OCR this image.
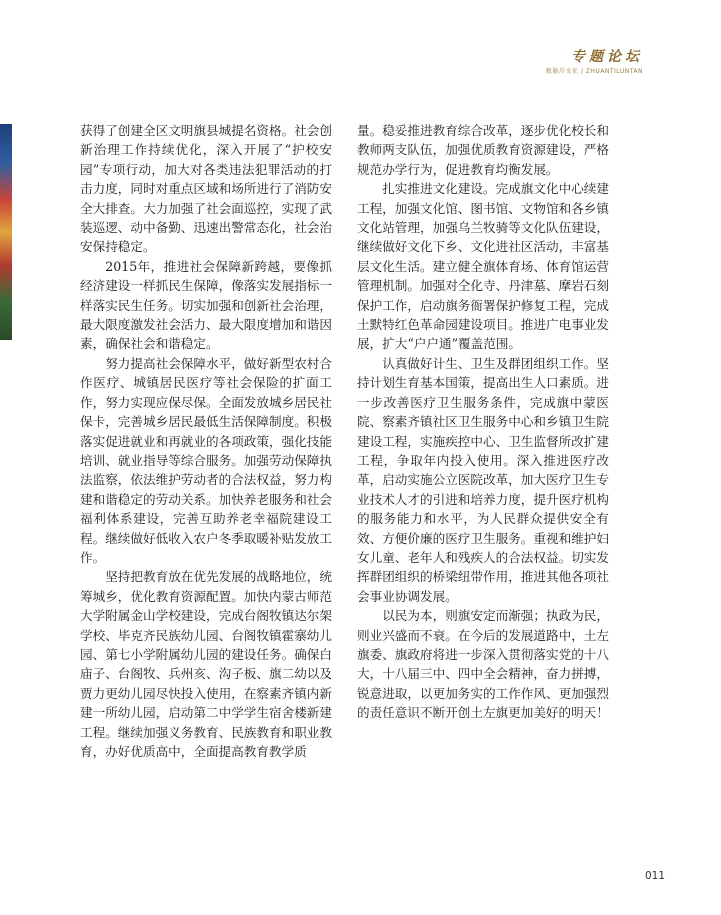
专题论坛
敕勒川文化 / ZHUANTILUNTAN

获得了创建全区文明旗县城提名资格。社会创新治理工作持续优化，深入开展了“护校安园”专项行动，加大对各类违法犯罪活动的打击力度，同时对重点区域和场所进行了消防安全大排查。大力加强了社会面巡控，实现了武装巡逻、动中备勤、迅速出警常态化，社会治安保持稳定。

2015年，推进社会保障新跨越，要像抓经济建设一样抓民生保障，像落实发展指标一样落实民生任务。切实加强和创新社会治理，最大限度激发社会活力、最大限度增加和谐因素，确保社会和谐稳定。

努力提高社会保障水平，做好新型农村合作医疗、城镇居民医疗等社会保险的扩面工作，努力实现应保尽保。全面发放城乡居民社保卡，完善城乡居民最低生活保障制度。积极落实促进就业和再就业的各项政策，强化技能培训、就业指导等综合服务。加强劳动保障执法监察，依法维护劳动者的合法权益，努力构建和谐稳定的劳动关系。加快养老服务和社会福利体系建设，完善互助养老幸福院建设工程。继续做好低收入农户冬季取暖补贴发放工作。

坚持把教育放在优先发展的战略地位，统筹城乡，优化教育资源配置。加快内蒙古师范大学附属金山学校建设，完成台阁牧镇达尔架学校、毕克齐民族幼儿园、台阁牧镇霍寨幼儿园、第七小学附属幼儿园的建设任务。确保白庙子、台阁牧、兵州亥、沟子板、旗二幼以及贾力更幼儿园尽快投入使用，在察素齐镇内新建一所幼儿园，启动第二中学学生宿舍楼新建工程。继续加强义务教育、民族教育和职业教育，办好优质高中，全面提高教育教学质

量。稳妥推进教育综合改革，逐步优化校长和教师两支队伍，加强优质教育资源建设，严格规范办学行为，促进教育均衡发展。

扎实推进文化建设。完成旗文化中心续建工程，加强文化馆、图书馆、文物馆和各乡镇文化站管理，加强乌兰牧骑等文化队伍建设，继续做好文化下乡、文化进社区活动，丰富基层文化生活。建立健全旗体育场、体育馆运营管理机制。加强对仝化寺、丹津墓、摩岩石刻保护工作，启动旗务衙署保护修复工程，完成土默特红色革命园建设项目。推进广电事业发展，扩大“户户通”覆盖范围。

认真做好计生、卫生及群团组织工作。坚持计划生育基本国策，提高出生人口素质。进一步改善医疗卫生服务条件，完成旗中蒙医院、察素齐镇社区卫生服务中心和乡镇卫生院建设工程，实施疾控中心、卫生监督所改扩建工程，争取年内投入使用。深入推进医疗改革，启动实施公立医院改革，加大医疗卫生专业技术人才的引进和培养力度，提升医疗机构的服务能力和水平，为人民群众提供安全有效、方便价廉的医疗卫生服务。重视和维护妇女儿童、老年人和残疾人的合法权益。切实发挥群团组织的桥梁纽带作用，推进其他各项社会事业协调发展。

以民为本，则旗安定而渐强；执政为民，则业兴盛而不衰。在今后的发展道路中，土左旗委、旗政府将进一步深入贯彻落实党的十八大，十八届三中、四中全会精神，奋力拼搏，锐意进取，以更加务实的工作作风、更加强烈的责任意识不断开创土左旗更加美好的明天！

011
